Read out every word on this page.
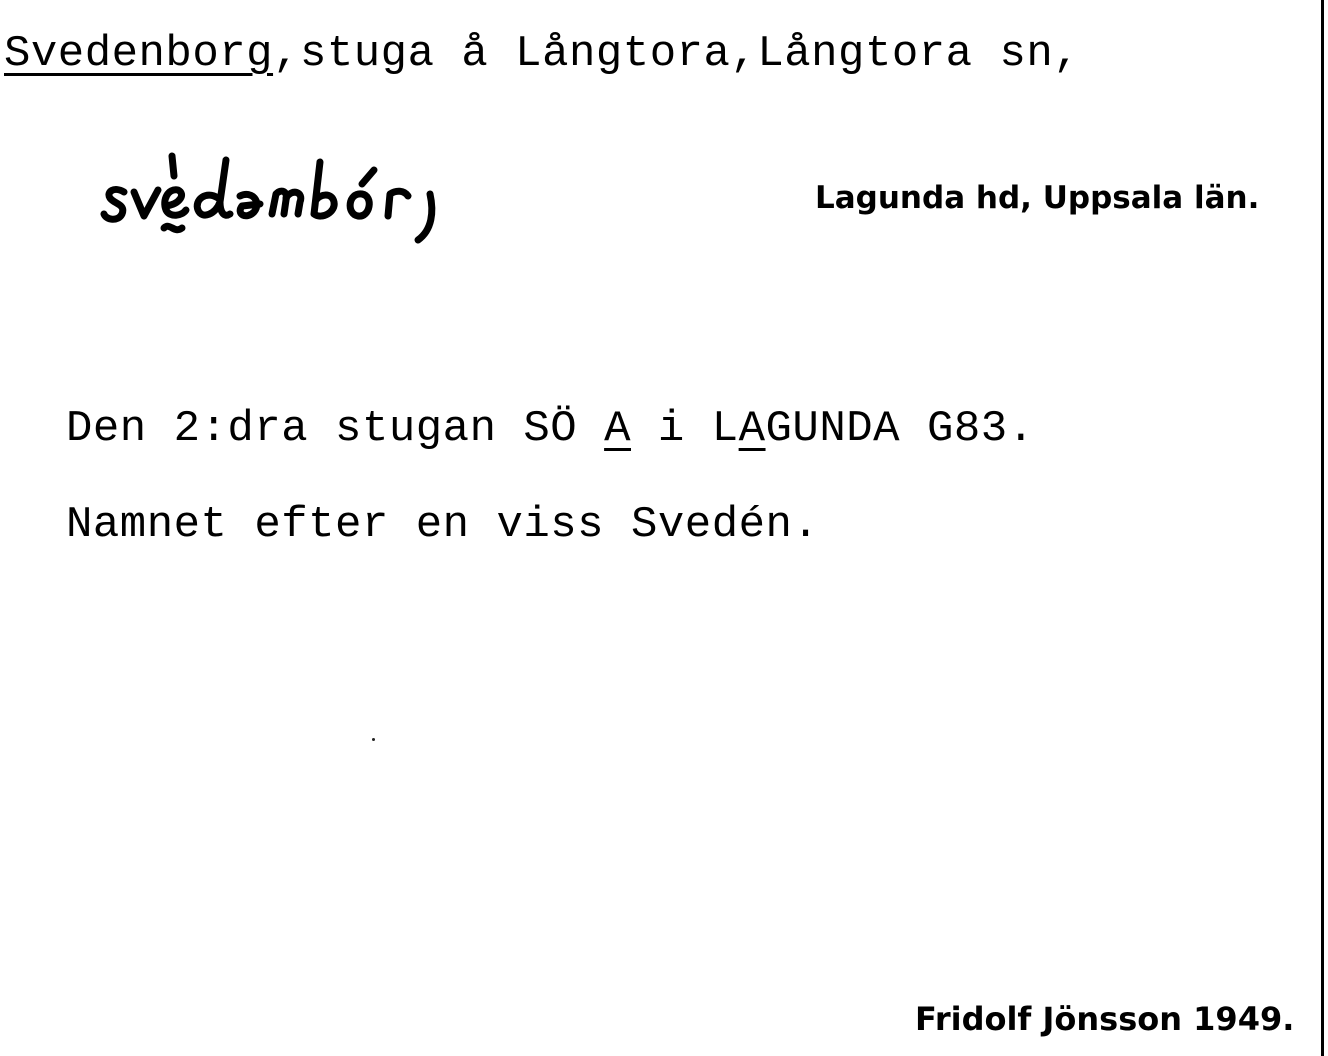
Svedenborg,stuga å Långtora,Långtora sn,
Lagunda hd, Uppsala län.
Den 2:dra stugan SÖ A i LAGUNDA G83.
Namnet efter en viss Svedén.
Fridolf Jönsson 1949.
